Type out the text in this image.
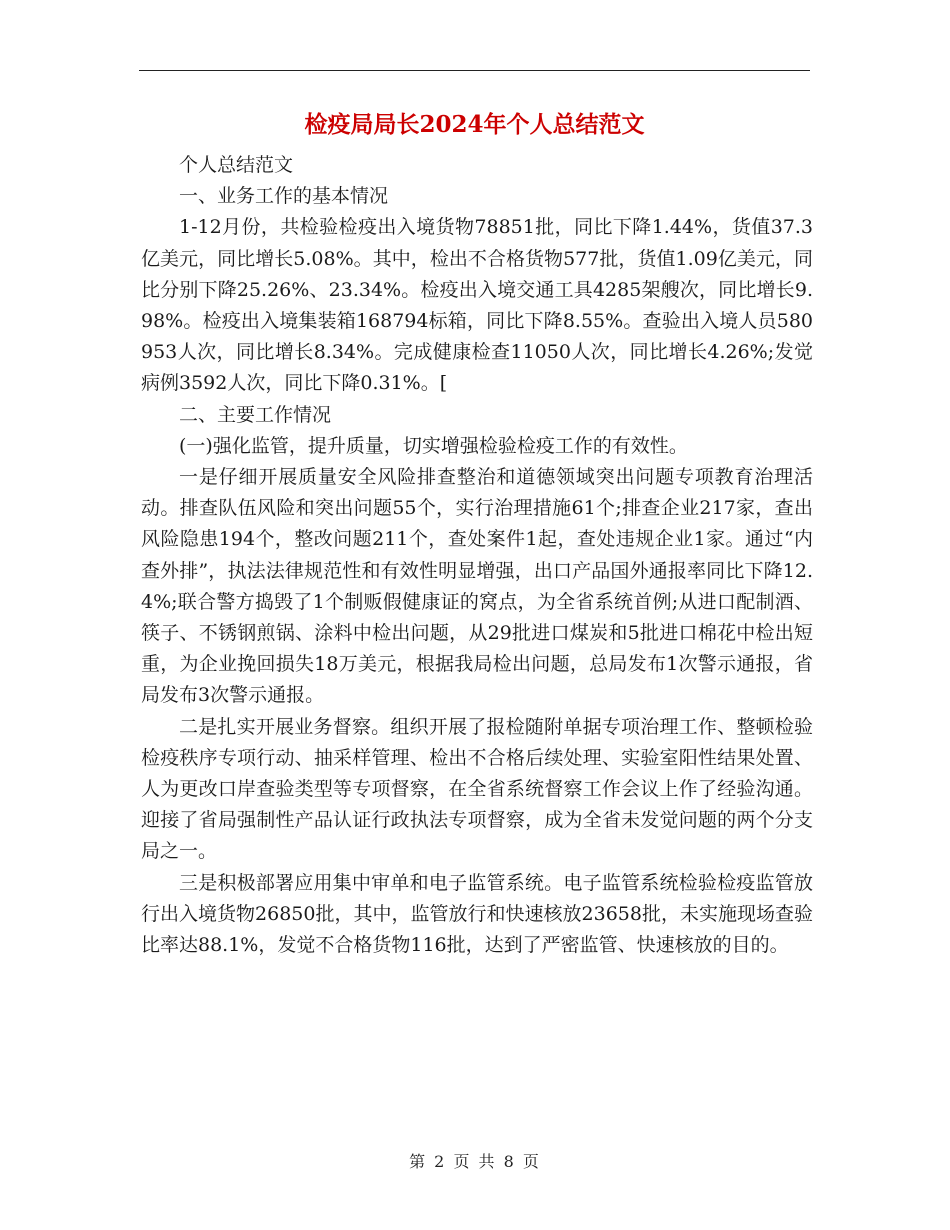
检疫局局长2024年个人总结范文

个人总结范文

一、业务工作的基本情况

1-12月份，共检验检疫出入境货物78851批，同比下降1.44%，货值37.3亿美元，同比增长5.08%。其中，检出不合格货物577批，货值1.09亿美元，同比分别下降25.26%、23.34%。检疫出入境交通工具4285架艘次，同比增长9.98%。检疫出入境集装箱168794标箱，同比下降8.55%。查验出入境人员580953人次，同比增长8.34%。完成健康检查11050人次，同比增长4.26%;发觉病例3592人次，同比下降0.31%。[

二、主要工作情况

(一)强化监管，提升质量，切实增强检验检疫工作的有效性。

一是仔细开展质量安全风险排查整治和道德领域突出问题专项教育治理活动。排查队伍风险和突出问题55个，实行治理措施61个;排查企业217家，查出风险隐患194个，整改问题211个，查处案件1起，查处违规企业1家。通过“内查外排”，执法法律规范性和有效性明显增强，出口产品国外通报率同比下降12.4%;联合警方捣毁了1个制贩假健康证的窝点，为全省系统首例;从进口配制酒、筷子、不锈钢煎锅、涂料中检出问题，从29批进口煤炭和5批进口棉花中检出短重，为企业挽回损失18万美元，根据我局检出问题，总局发布1次警示通报，省局发布3次警示通报。

二是扎实开展业务督察。组织开展了报检随附单据专项治理工作、整顿检验检疫秩序专项行动、抽采样管理、检出不合格后续处理、实验室阳性结果处置、人为更改口岸查验类型等专项督察，在全省系统督察工作会议上作了经验沟通。迎接了省局强制性产品认证行政执法专项督察，成为全省未发觉问题的两个分支局之一。

三是积极部署应用集中审单和电子监管系统。电子监管系统检验检疫监管放行出入境货物26850批，其中，监管放行和快速核放23658批，未实施现场查验比率达88.1%，发觉不合格货物116批，达到了严密监管、快速核放的目的。

第 2 页 共 8 页
